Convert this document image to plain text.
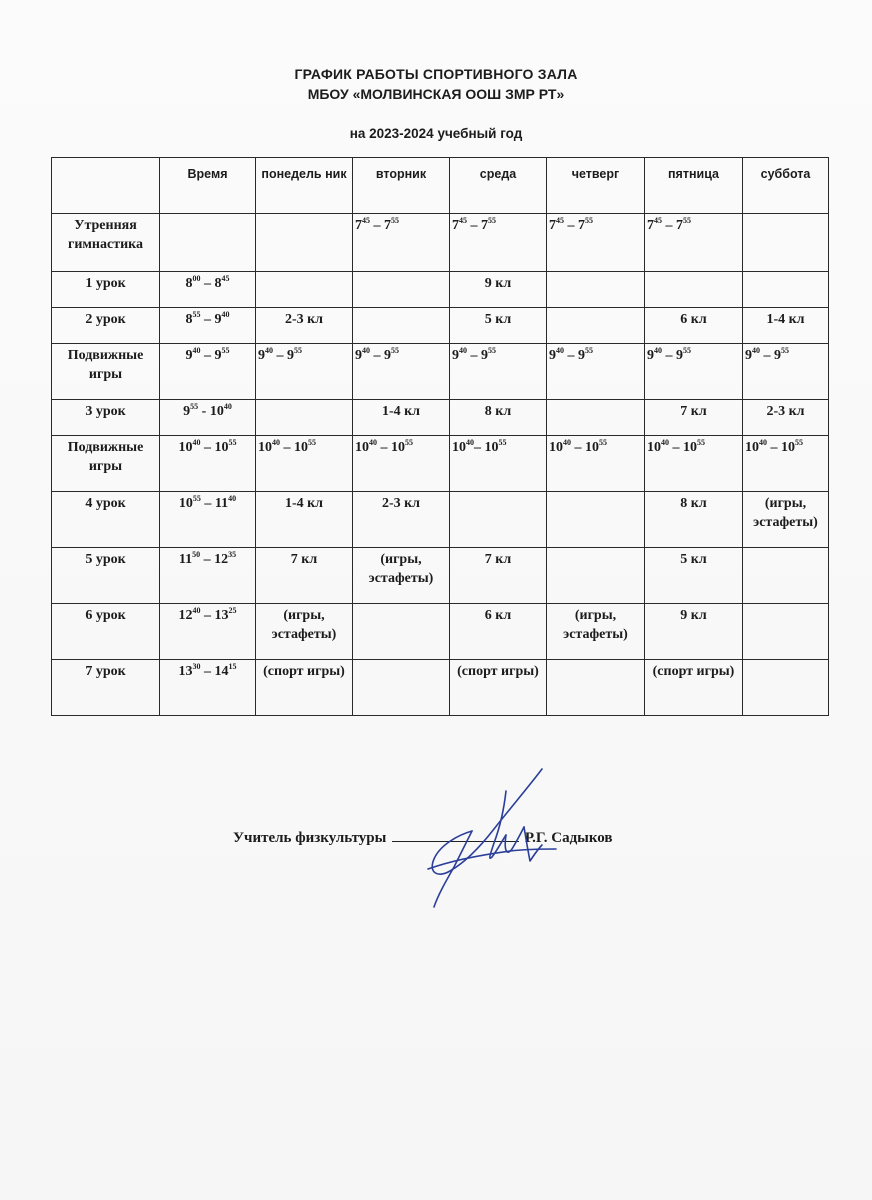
ГРАФИК РАБОТЫ СПОРТИВНОГО ЗАЛА
МБОУ «МОЛВИНСКАЯ ООШ ЗМР РТ»
на 2023-2024 учебный год
	Время	понедель ник	вторник	среда	четверг	пятница	суббота
Утренняя гимнастика			$7^{45} - 7^{55}$	$7^{45} - 7^{55}$	$7^{45} - 7^{55}$	$7^{45} - 7^{55}$	
1 урок	$8^{00} - 8^{45}$			9 кл			
2 урок	$8^{55} - 9^{40}$	2-3 кл		5 кл		6 кл	1-4 кл
Подвижные игры	$9^{40} - 9^{55}$	$9^{40} - 9^{55}$	$9^{40} - 9^{55}$	$9^{40} - 9^{55}$	$9^{40} - 9^{55}$	$9^{40} - 9^{55}$	$9^{40} - 9^{55}$
3 урок	$9^{55} - 10^{40}$		1-4 кл	8 кл		7 кл	2-3 кл
Подвижные игры	$10^{40} - 10^{55}$	$10^{40} - 10^{55}$	$10^{40} - 10^{55}$	$10^{40}-$ $10^{55}$	$10^{40} - 10^{55}$	$10^{40} - 10^{55}$	$10^{40} - 10^{55}$
4 урок	$10^{55} - 11^{40}$	1-4 кл	2-3 кл			8 кл	(игры, эстафеты)
5 урок	$11^{50} - 12^{35}$	7 кл	(игры, эстафеты)	7 кл		5 кл	
6 урок	$12^{40} - 13^{25}$	(игры, эстафеты)		6 кл	(игры, эстафеты)	9 кл	
7 урок	$13^{30} - 14^{15}$	(спорт игры)		(спорт игры)		(спорт игры)	
Учитель физкультуры	Р.Г. Садыков
